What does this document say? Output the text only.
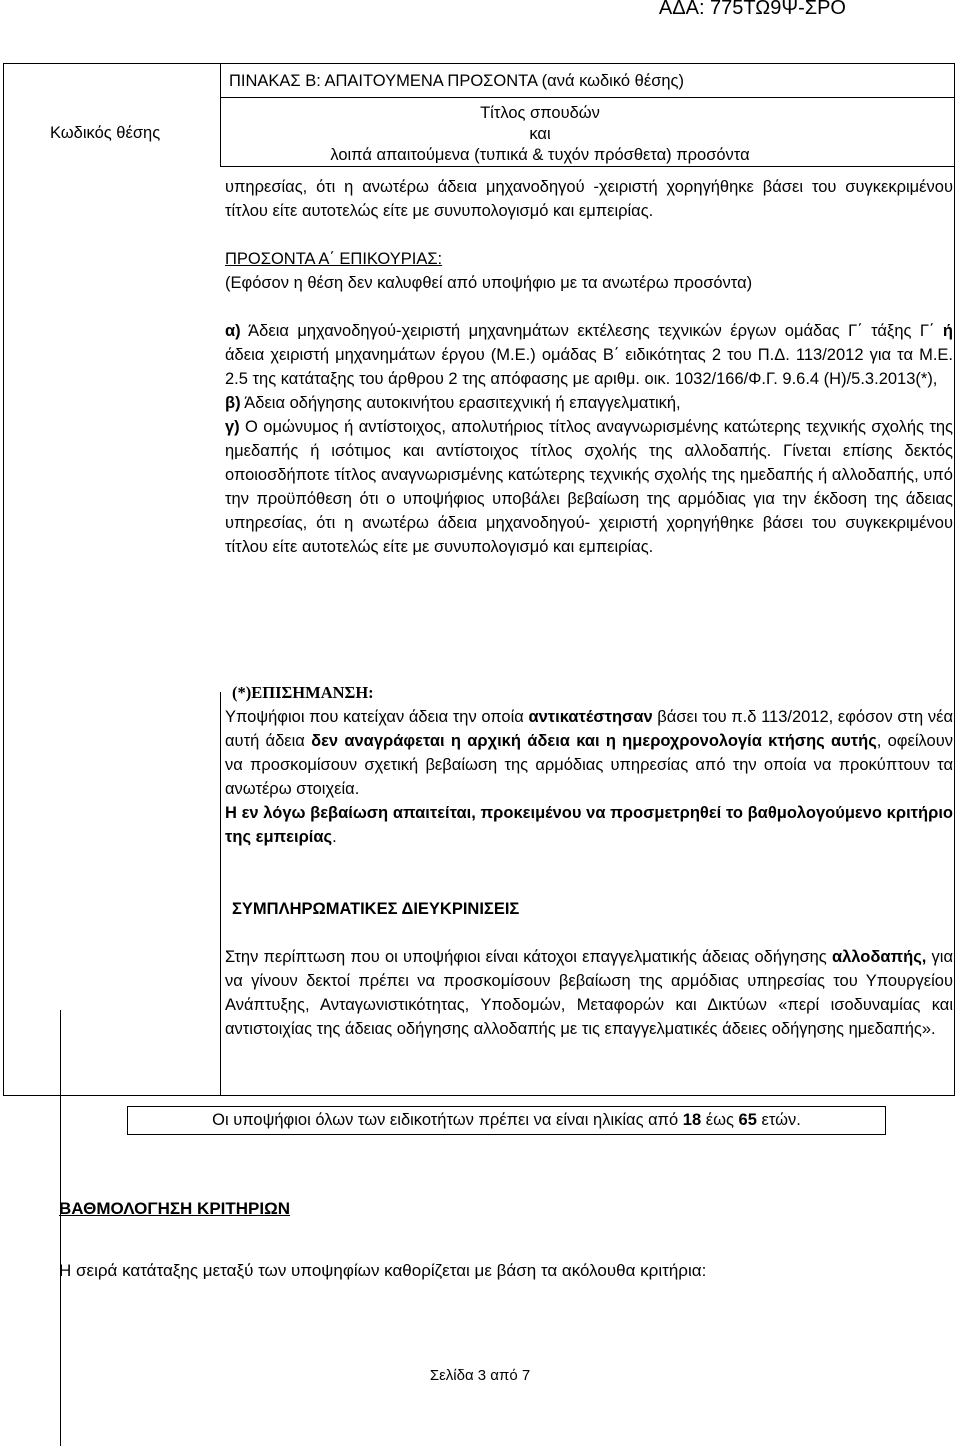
ΑΔΑ: 775ΤΩ9Ψ-ΣΡΟ
ΠΙΝΑΚΑΣ Β: ΑΠΑΙΤΟΥΜΕΝΑ ΠΡΟΣΟΝΤΑ (ανά κωδικό θέσης)
Κωδικός θέσης
Τίτλος σπουδών
και
λοιπά απαιτούμενα (τυπικά & τυχόν πρόσθετα) προσόντα

υπηρεσίας, ότι η ανωτέρω άδεια μηχανοδηγού -χειριστή χορηγήθηκε βάσει του συγκεκριμένου τίτλου είτε αυτοτελώς είτε με συνυπολογισμό και εμπειρίας.

ΠΡΟΣΟΝΤΑ Α΄ ΕΠΙΚΟΥΡΙΑΣ:

(Εφόσον η θέση δεν καλυφθεί από υποψήφιο με τα ανωτέρω προσόντα)

α) Άδεια μηχανοδηγού-χειριστή μηχανημάτων εκτέλεσης τεχνικών έργων ομάδας Γ΄ τάξης Γ΄ ή άδεια χειριστή μηχανημάτων έργου (Μ.Ε.) ομάδας Β΄ ειδικότητας 2 του Π.Δ. 113/2012 για τα Μ.Ε. 2.5 της κατάταξης του άρθρου 2 της απόφασης με αριθμ. οικ. 1032/166/Φ.Γ. 9.6.4 (Η)/5.3.2013(*),

β) Άδεια οδήγησης αυτοκινήτου ερασιτεχνική ή επαγγελματική,

γ) Ο ομώνυμος ή αντίστοιχος, απολυτήριος τίτλος αναγνωρισμένης κατώτερης τεχνικής σχολής της ημεδαπής ή ισότιμος και αντίστοιχος τίτλος σχολής της αλλοδαπής. Γίνεται επίσης δεκτός οποιοσδήποτε τίτλος αναγνωρισμένης κατώτερης τεχνικής σχολής της ημεδαπής ή αλλοδαπής, υπό την προϋπόθεση ότι ο υποψήφιος υποβάλει βεβαίωση της αρμόδιας για την έκδοση της άδειας υπηρεσίας, ότι η ανωτέρω άδεια μηχανοδηγού- χειριστή χορηγήθηκε βάσει του συγκεκριμένου τίτλου είτε αυτοτελώς είτε με συνυπολογισμό και εμπειρίας.

(*)ΕΠΙΣΗΜΑΝΣΗ:

Υποψήφιοι που κατείχαν άδεια την οποία αντικατέστησαν βάσει του π.δ 113/2012, εφόσον στη νέα αυτή άδεια δεν αναγράφεται η αρχική άδεια και η ημεροχρονολογία κτήσης αυτής, οφείλουν να προσκομίσουν σχετική βεβαίωση της αρμόδιας υπηρεσίας από την οποία να προκύπτουν τα ανωτέρω στοιχεία.

Η εν λόγω βεβαίωση απαιτείται, προκειμένου να προσμετρηθεί το βαθμολογούμενο κριτήριο της εμπειρίας.

ΣΥΜΠΛΗΡΩΜΑΤΙΚΕΣ ΔΙΕΥΚΡΙΝΙΣΕΙΣ

Στην περίπτωση που οι υποψήφιοι είναι κάτοχοι επαγγελματικής άδειας οδήγησης αλλοδαπής, για να γίνουν δεκτοί πρέπει να προσκομίσουν βεβαίωση της αρμόδιας υπηρεσίας του Υπουργείου Ανάπτυξης, Ανταγωνιστικότητας, Υποδομών, Μεταφορών και Δικτύων «περί ισοδυναμίας και αντιστοιχίας της άδειας οδήγησης αλλοδαπής με τις επαγγελματικές άδειες οδήγησης ημεδαπής».

Οι υποψήφιοι όλων των ειδικοτήτων πρέπει να είναι ηλικίας από 18 έως 65 ετών.
ΒΑΘΜΟΛΟΓΗΣΗ ΚΡΙΤΗΡΙΩΝ
Η σειρά κατάταξης μεταξύ των υποψηφίων καθορίζεται με βάση τα ακόλουθα κριτήρια:
Σελίδα 3 από 7
